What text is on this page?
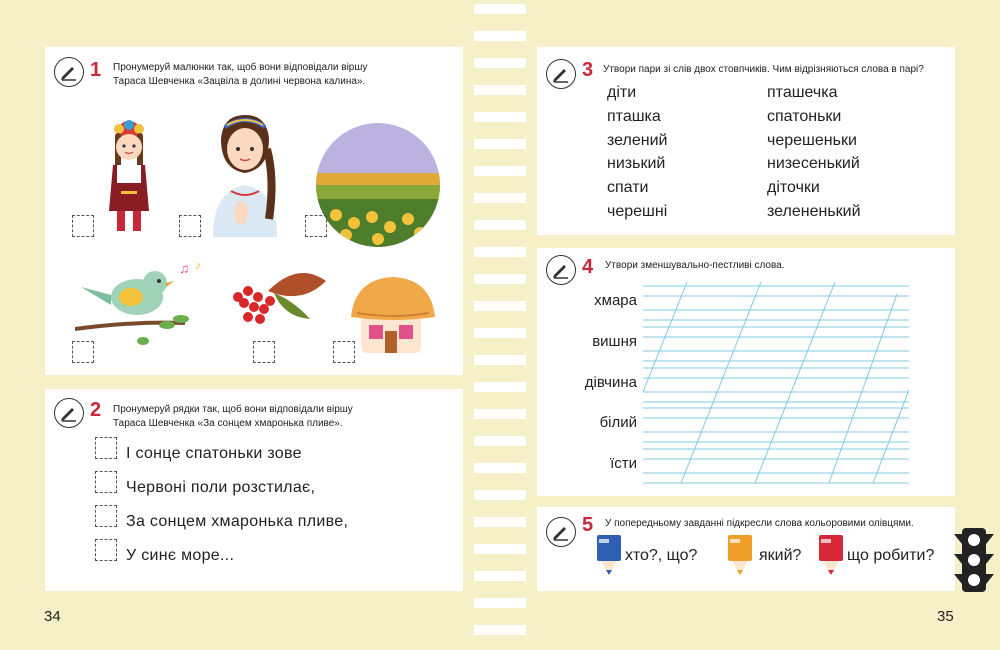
1 Пронумеруй малюнки так, щоб вони відповідали віршу
Тараса Шевченка «Зацвіла в долині червона калина».
♫ ♪
2 Пронумеруй рядки так, щоб вони відповідали віршу
Тараса Шевченка «За сонцем хмаронька пливе».
І сонце спатоньки зове
Червоні поли розстилає,
За сонцем хмаронька пливе,
У синє море...
34
3 Утвори пари зі слів двох стовпчиків. Чим відрізняються слова в парі?
діти
пташка
зелений
низький
спати
черешні
пташечка
спатоньки
черешеньки
низесенький
діточки
зелененький
4 Утвори зменшувально-пестливі слова.
хмара
вишня
дівчина
білий
їсти
5 У попередньому завданні підкресли слова кольоровими олівцями.
хто?, що?	який?	що робити?
35
